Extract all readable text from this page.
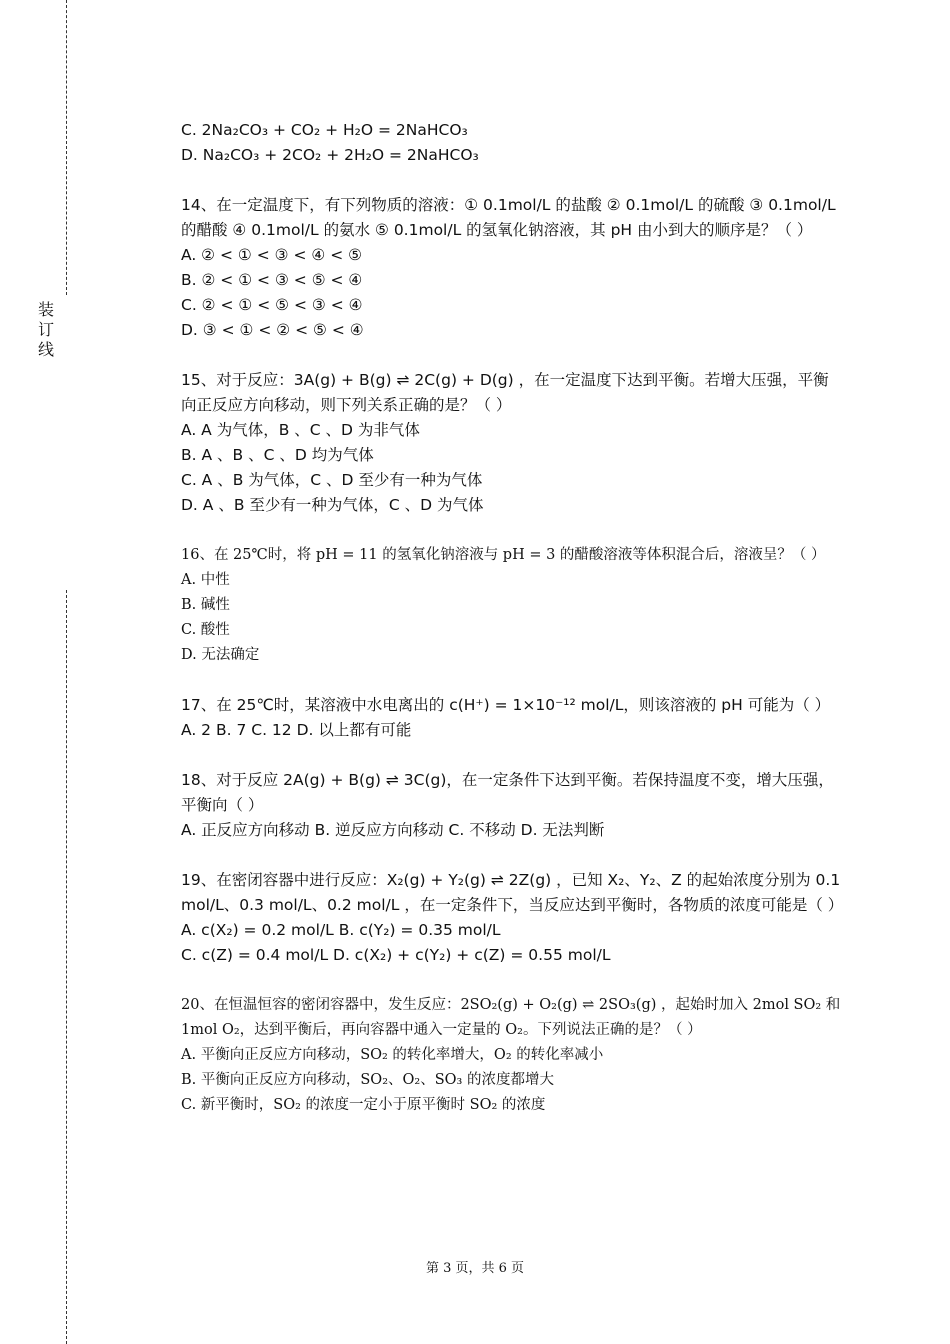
装
订
线
C. 2Na₂CO₃ + CO₂ + H₂O = 2NaHCO₃
D. Na₂CO₃ + 2CO₂ + 2H₂O = 2NaHCO₃
14、在一定温度下，有下列物质的溶液：① 0.1mol/L 的盐酸 ② 0.1mol/L 的硫酸 ③ 0.1mol/L 的醋酸 ④ 0.1mol/L 的氨水 ⑤ 0.1mol/L 的氢氧化钠溶液，其 pH 由小到大的顺序是？（ ）
A. ② < ① < ③ < ④ < ⑤
B. ② < ① < ③ < ⑤ < ④
C. ② < ① < ⑤ < ③ < ④
D. ③ < ① < ② < ⑤ < ④
15、对于反应：3A(g) + B(g) ⇌ 2C(g) + D(g) ，在一定温度下达到平衡。若增大压强，平衡向正反应方向移动，则下列关系正确的是？（ ）
A. A 为气体，B 、C 、D 为非气体
B. A 、B 、C 、D 均为气体
C. A 、B 为气体，C 、D 至少有一种为气体
D. A 、B 至少有一种为气体，C 、D 为气体
16、在 25℃时，将 pH = 11 的氢氧化钠溶液与 pH = 3 的醋酸溶液等体积混合后，溶液呈？（ ）
A. 中性
B. 碱性
C. 酸性
D. 无法确定
17、在 25℃时，某溶液中水电离出的 c(H⁺) = 1×10⁻¹² mol/L，则该溶液的 pH 可能为（ ）
A. 2 B. 7 C. 12 D. 以上都有可能
18、对于反应 2A(g) + B(g) ⇌ 3C(g)，在一定条件下达到平衡。若保持温度不变，增大压强，平衡向（ ）
A. 正反应方向移动 B. 逆反应方向移动 C. 不移动 D. 无法判断
19、在密闭容器中进行反应：X₂(g) + Y₂(g) ⇌ 2Z(g) ，已知 X₂、Y₂、Z 的起始浓度分别为 0.1 mol/L、0.3 mol/L、0.2 mol/L ，在一定条件下，当反应达到平衡时，各物质的浓度可能是（ ）
A. c(X₂) = 0.2 mol/L B. c(Y₂) = 0.35 mol/L
C. c(Z) = 0.4 mol/L D. c(X₂) + c(Y₂) + c(Z) = 0.55 mol/L
20、在恒温恒容的密闭容器中，发生反应：2SO₂(g) + O₂(g) ⇌ 2SO₃(g) ，起始时加入 2mol SO₂ 和 1mol O₂，达到平衡后，再向容器中通入一定量的 O₂。下列说法正确的是？（ ）
A. 平衡向正反应方向移动，SO₂ 的转化率增大，O₂ 的转化率减小
B. 平衡向正反应方向移动，SO₂、O₂、SO₃ 的浓度都增大
C. 新平衡时，SO₂ 的浓度一定小于原平衡时 SO₂ 的浓度
第 3 页，共 6 页
